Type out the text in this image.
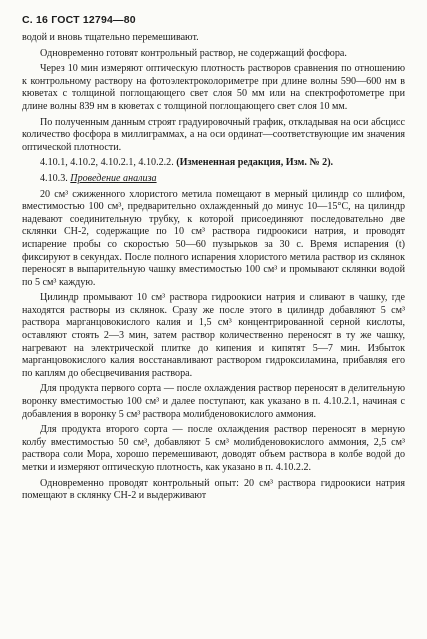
С. 16 ГОСТ 12794—80

водой и вновь тщательно перемешивают.

Одновременно готовят контрольный раствор, не содержащий фосфора.

Через 10 мин измеряют оптическую плотность растворов сравнения по отношению к контрольному раствору на фотоэлектроколориметре при длине волны 590—600 нм в кюветах с толщиной поглощающего свет слоя 50 мм или на спектрофотометре при длине волны 839 нм в кюветах с толщиной поглощающего свет слоя 10 мм.

По полученным данным строят градуировочный график, откладывая на оси абсцисс количество фосфора в миллиграммах, а на оси ординат—соответствующие им значения оптической плотности.

4.10.1, 4.10.2, 4.10.2.1, 4.10.2.2. (Измененная редакция, Изм. № 2).

4.10.3. Проведение анализа

20 см³ сжиженного хлористого метила помещают в мерный цилиндр со шлифом, вместимостью 100 см³, предварительно охлажденный до минус 10—15°С, на цилиндр надевают соединительную трубку, к которой присоединяют последовательно две склянки СН-2, содержащие по 10 см³ раствора гидроокиси натрия, и проводят испарение пробы со скоростью 50—60 пузырьков за 30 с. Время испарения (t) фиксируют в секундах. После полного испарения хлористого метила раствор из склянок переносят в выпарительную чашку вместимостью 100 см³ и промывают склянки водой по 5 см³ каждую.

Цилиндр промывают 10 см³ раствора гидроокиси натрия и сливают в чашку, где находятся растворы из склянок. Сразу же после этого в цилиндр добавляют 5 см³ раствора марганцовокислого калия и 1,5 см³ концентрированной серной кислоты, оставляют стоять 2—3 мин, затем раствор количественно переносят в ту же чашку, нагревают на электрической плитке до кипения и кипятят 5—7 мин. Избыток марганцовокислого калия восстанавливают раствором гидроксиламина, прибавляя его по каплям до обесцвечивания раствора.

Для продукта первого сорта — после охлаждения раствор переносят в делительную воронку вместимостью 100 см³ и далее поступают, как указано в п. 4.10.2.1, начиная с добавления в воронку 5 см³ раствора молибденовокислого аммония.

Для продукта второго сорта — после охлаждения раствор переносят в мерную колбу вместимостью 50 см³, добавляют 5 см³ молибденовокислого аммония, 2,5 см³ раствора соли Мора, хорошо перемешивают, доводят объем раствора в колбе водой до метки и измеряют оптическую плотность, как указано в п. 4.10.2.2.

Одновременно проводят контрольный опыт: 20 см³ раствора гидроокиси натрия помещают в склянку СН-2 и выдерживают
